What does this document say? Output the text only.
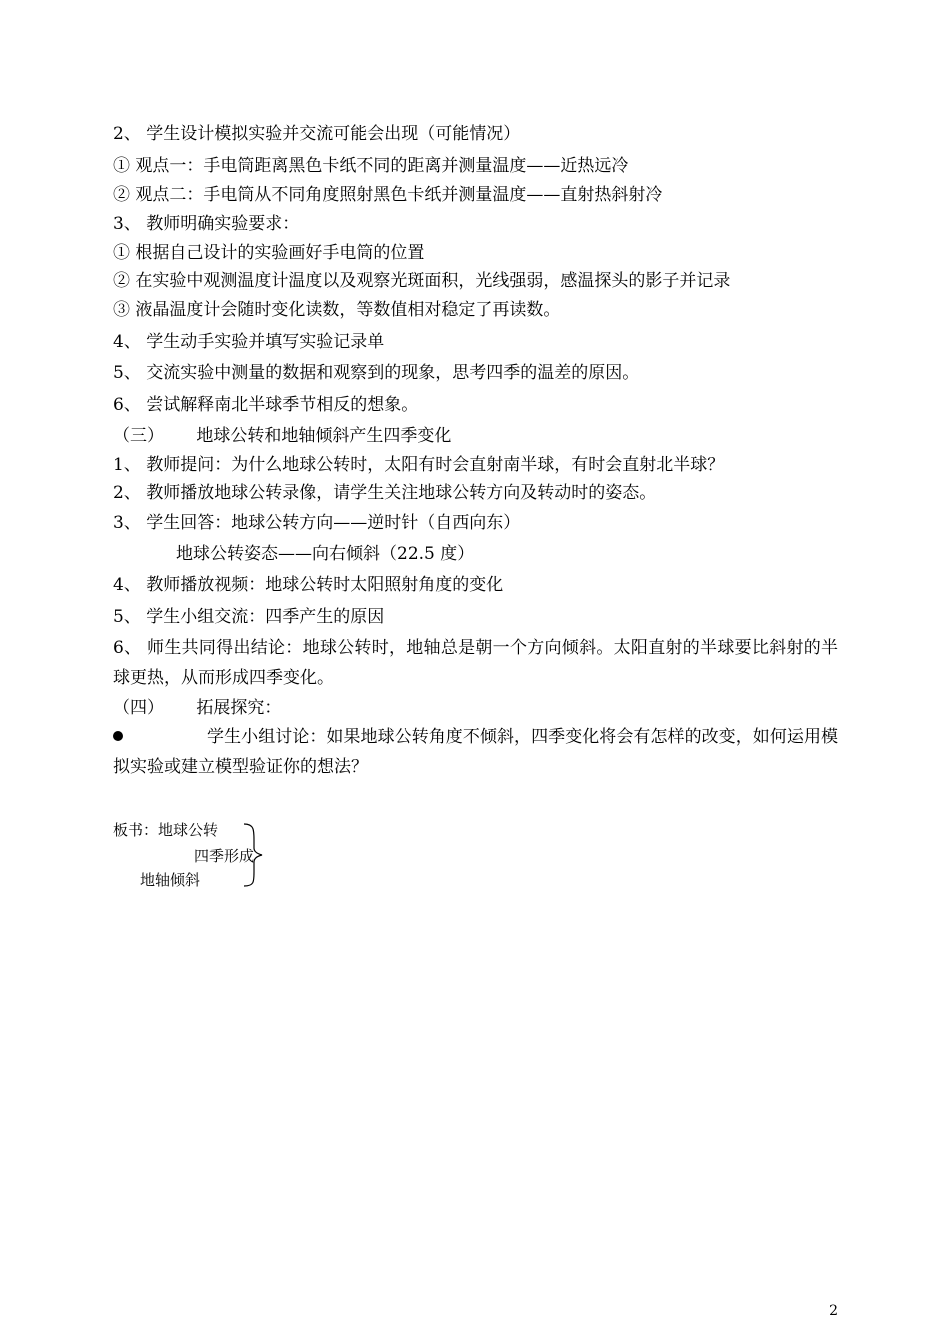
2、 学生设计模拟实验并交流可能会出现（可能情况）
① 观点一：手电筒距离黑色卡纸不同的距离并测量温度——近热远冷
② 观点二：手电筒从不同角度照射黑色卡纸并测量温度——直射热斜射冷
3、 教师明确实验要求：
① 根据自己设计的实验画好手电筒的位置
② 在实验中观测温度计温度以及观察光斑面积，光线强弱，感温探头的影子并记录
③ 液晶温度计会随时变化读数，等数值相对稳定了再读数。
4、 学生动手实验并填写实验记录单
5、 交流实验中测量的数据和观察到的现象，思考四季的温差的原因。
6、 尝试解释南北半球季节相反的想象。
（三）      地球公转和地轴倾斜产生四季变化
1、 教师提问：为什么地球公转时，太阳有时会直射南半球，有时会直射北半球？
2、 教师播放地球公转录像，请学生关注地球公转方向及转动时的姿态。
3、 学生回答：地球公转方向——逆时针（自西向东）
地球公转姿态——向右倾斜（22.5 度）
4、 教师播放视频：地球公转时太阳照射角度的变化
5、 学生小组交流：四季产生的原因
6、 师生共同得出结论：地球公转时，地轴总是朝一个方向倾斜。太阳直射的半球要比斜射的半球更热，从而形成四季变化。
（四）      拓展探究：
学生小组讨论：如果地球公转角度不倾斜，四季变化将会有怎样的改变，如何运用模拟实验或建立模型验证你的想法？
板书：地球公转
四季形成
地轴倾斜
2
